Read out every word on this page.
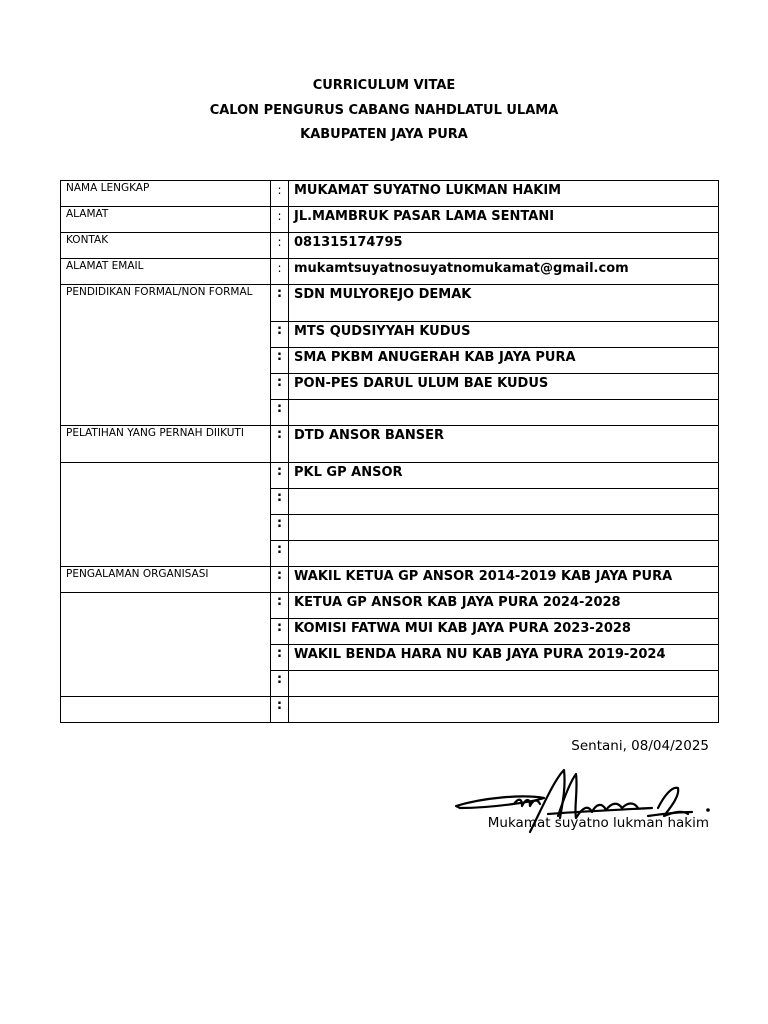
CURRICULUM VITAE
CALON PENGURUS CABANG NAHDLATUL ULAMA
KABUPATEN JAYA PURA
NAMA LENGKAP	:	MUKAMAT SUYATNO LUKMAN HAKIM
ALAMAT	:	JL.MAMBRUK PASAR LAMA SENTANI
KONTAK	:	081315174795
ALAMAT EMAIL	:	mukamtsuyatnosuyatnomukamat@gmail.com
PENDIDIKAN FORMAL/NON FORMAL	:	SDN MULYOREJO DEMAK
	:	MTS QUDSIYYAH KUDUS
	:	SMA PKBM ANUGERAH KAB JAYA PURA
	:	PON-PES DARUL ULUM BAE KUDUS
	:	
PELATIHAN YANG PERNAH DIIKUTI	:	DTD ANSOR BANSER
	:	PKL GP ANSOR
	:	
	:	
	:	
PENGALAMAN ORGANISASI	:	WAKIL KETUA GP ANSOR 2014-2019 KAB JAYA PURA
	:	KETUA GP ANSOR KAB JAYA PURA 2024-2028
	:	KOMISI FATWA MUI KAB JAYA PURA 2023-2028
	:	WAKIL BENDA HARA NU KAB JAYA PURA 2019-2024
	:	
	:	
Sentani, 08/04/2025
Mukamat suyatno lukman hakim
